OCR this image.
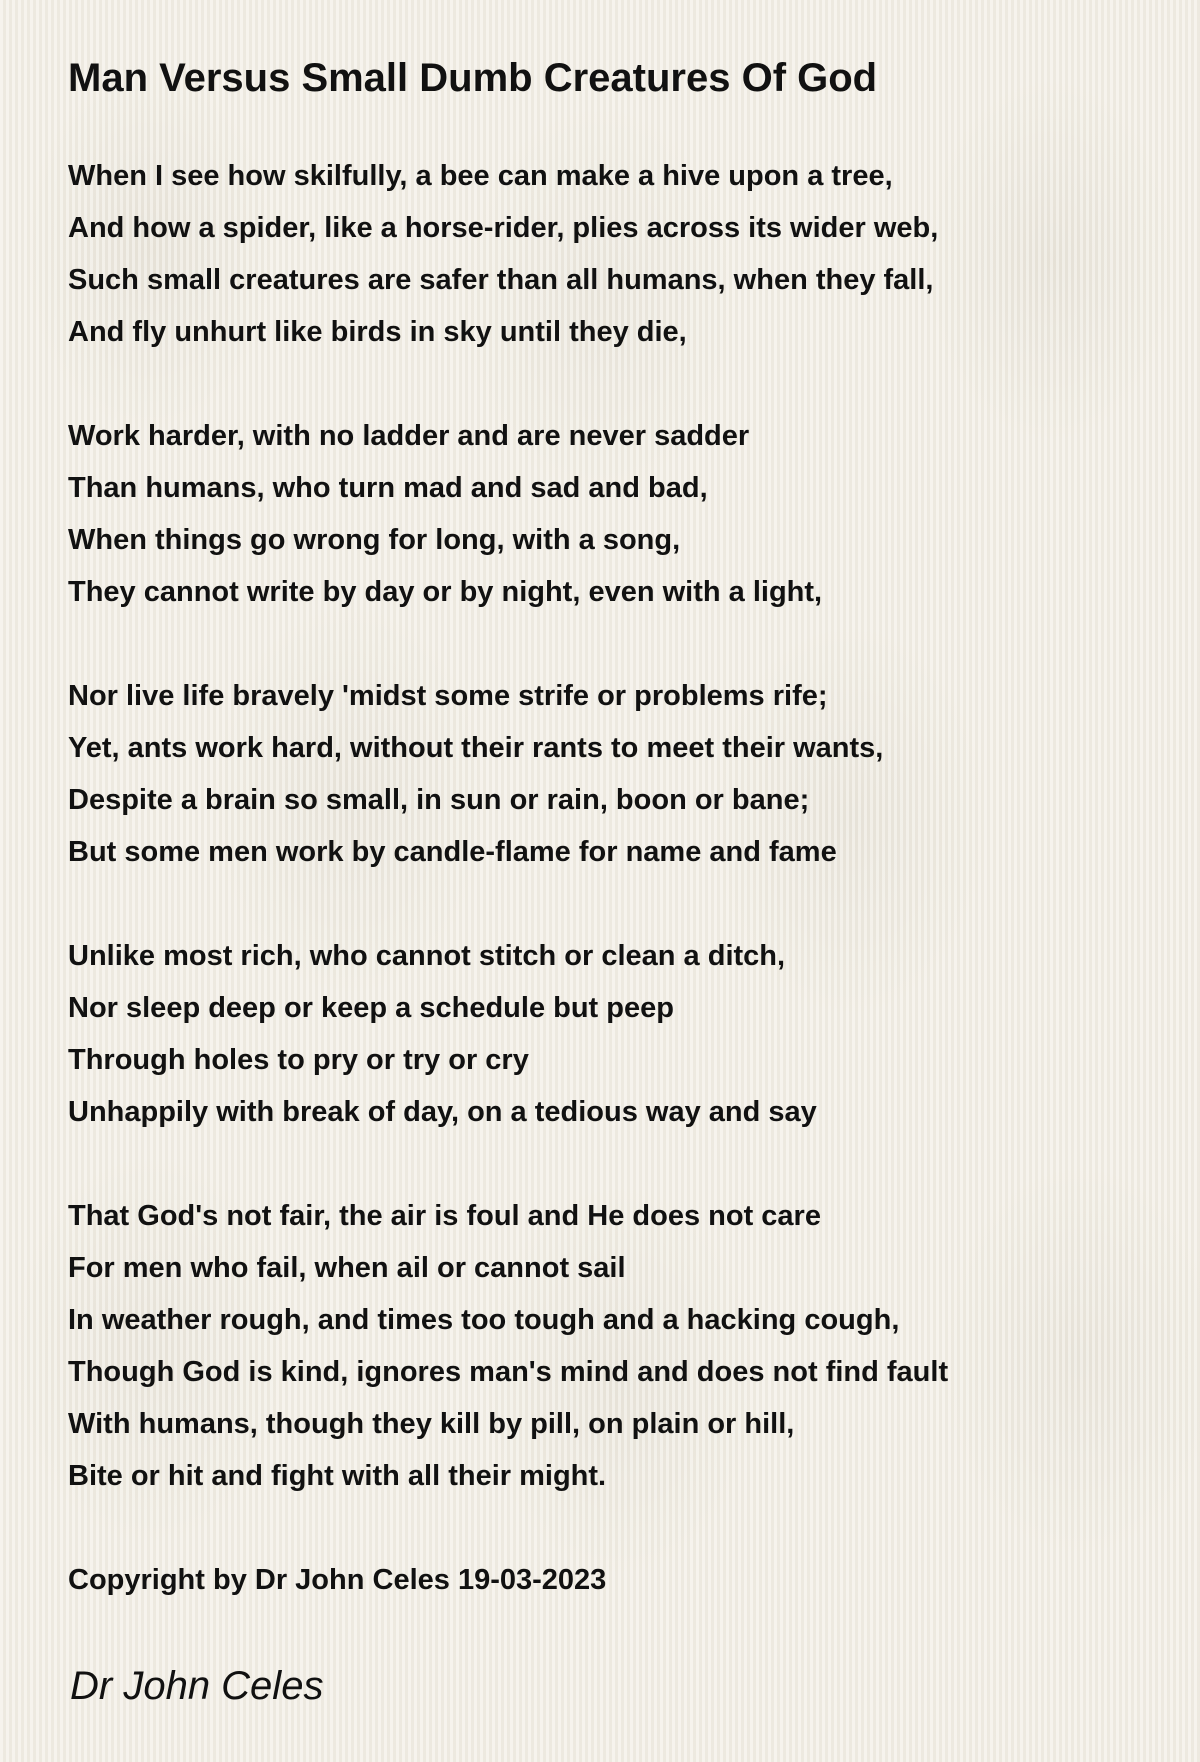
Man Versus Small Dumb Creatures Of God
When I see how skilfully, a bee can make a hive upon a tree,
And how a spider, like a horse-rider, plies across its wider web,
Such small creatures are safer than all humans, when they fall,
And fly unhurt like birds in sky until they die,
Work harder, with no ladder and are never sadder
Than humans, who turn mad and sad and bad,
When things go wrong for long, with a song,
They cannot write by day or by night, even with a light,
Nor live life bravely 'midst some strife or problems rife;
Yet, ants work hard, without their rants to meet their wants,
Despite a brain so small, in sun or rain, boon or bane;
But some men work by candle-flame for name and fame
Unlike most rich, who cannot stitch or clean a ditch,
Nor sleep deep or keep a schedule but peep
Through holes to pry or try or cry
Unhappily with break of day, on a tedious way and say
That God's not fair, the air is foul and He does not care
For men who fail, when ail or cannot sail
In weather rough, and times too tough and a hacking cough,
Though God is kind, ignores man's mind and does not find fault
With humans, though they kill by pill, on plain or hill,
Bite or hit and fight with all their might.
Copyright by Dr John Celes 19-03-2023
Dr John Celes
